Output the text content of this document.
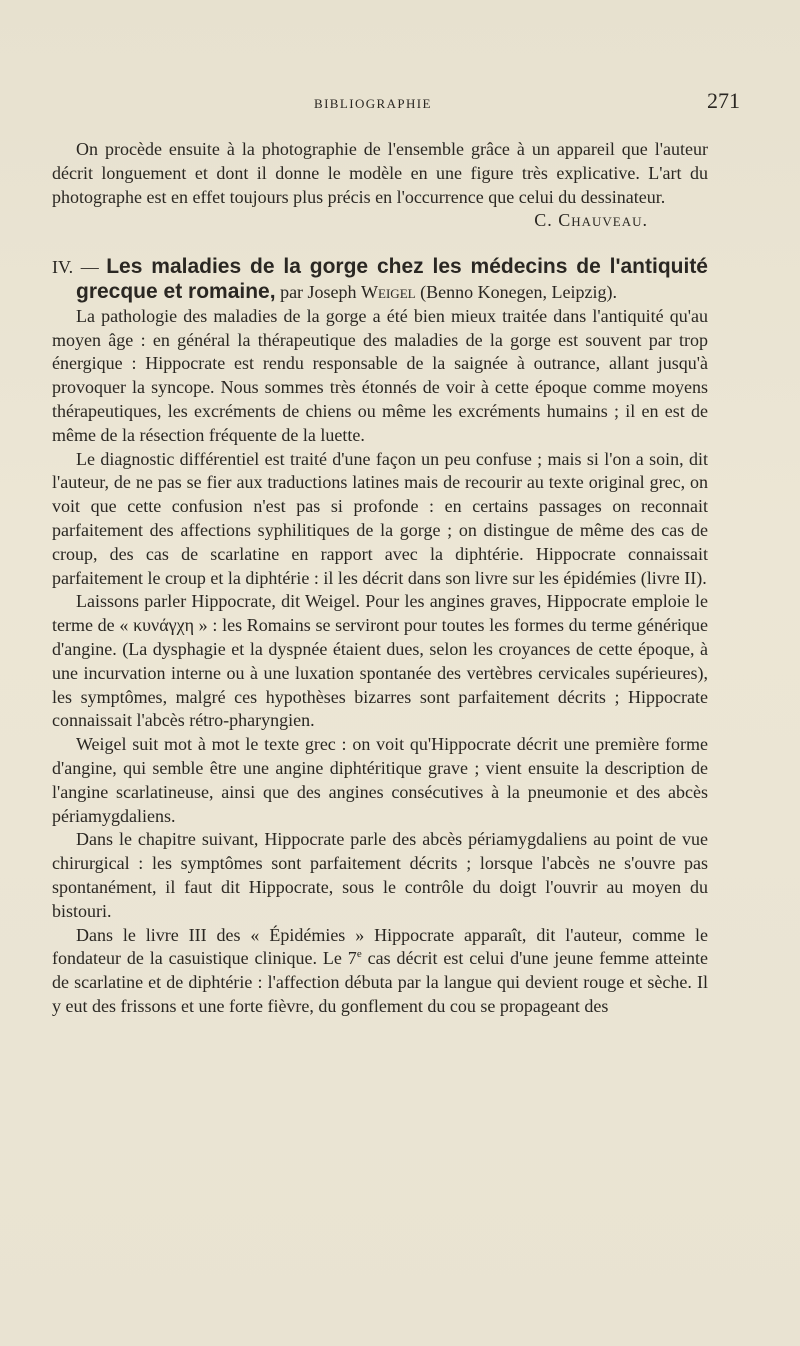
BIBLIOGRAPHIE	271

On procède ensuite à la photographie de l'ensemble grâce à un appareil que l'auteur décrit longuement et dont il donne le modèle en une figure très explicative. L'art du photographe est en effet toujours plus précis en l'occurrence que celui du dessinateur.

C. Chauveau.

IV. — Les maladies de la gorge chez les médecins de l'antiquité grecque et romaine, par Joseph Weigel (Benno Konegen, Leipzig).

La pathologie des maladies de la gorge a été bien mieux traitée dans l'antiquité qu'au moyen âge : en général la thérapeutique des maladies de la gorge est souvent par trop énergique : Hippocrate est rendu responsable de la saignée à outrance, allant jusqu'à provoquer la syncope. Nous sommes très étonnés de voir à cette époque comme moyens thérapeutiques, les excréments de chiens ou même les excréments humains ; il en est de même de la résection fréquente de la luette.

Le diagnostic différentiel est traité d'une façon un peu confuse ; mais si l'on a soin, dit l'auteur, de ne pas se fier aux traductions latines mais de recourir au texte original grec, on voit que cette confusion n'est pas si profonde : en certains passages on reconnait parfaitement des affections syphilitiques de la gorge ; on distingue de même des cas de croup, des cas de scarlatine en rapport avec la diphtérie. Hippocrate connaissait parfaitement le croup et la diphtérie : il les décrit dans son livre sur les épidémies (livre II).

Laissons parler Hippocrate, dit Weigel. Pour les angines graves, Hippocrate emploie le terme de « κυνάγχη » : les Romains se serviront pour toutes les formes du terme générique d'angine. (La dysphagie et la dyspnée étaient dues, selon les croyances de cette époque, à une incurvation interne ou à une luxation spontanée des vertèbres cervicales supérieures), les symptômes, malgré ces hypothèses bizarres sont parfaitement décrits ; Hippocrate connaissait l'abcès rétro-pharyngien.

Weigel suit mot à mot le texte grec : on voit qu'Hippocrate décrit une première forme d'angine, qui semble être une angine diphtéritique grave ; vient ensuite la description de l'angine scarlatineuse, ainsi que des angines consécutives à la pneumonie et des abcès périamygdaliens.

Dans le chapitre suivant, Hippocrate parle des abcès périamygdaliens au point de vue chirurgical : les symptômes sont parfaitement décrits ; lorsque l'abcès ne s'ouvre pas spontanément, il faut dit Hippocrate, sous le contrôle du doigt l'ouvrir au moyen du bistouri.

Dans le livre III des « Épidémies » Hippocrate apparaît, dit l'auteur, comme le fondateur de la casuistique clinique. Le 7e cas décrit est celui d'une jeune femme atteinte de scarlatine et de diphtérie : l'affection débuta par la langue qui devient rouge et sèche. Il y eut des frissons et une forte fièvre, du gonflement du cou se propageant des
